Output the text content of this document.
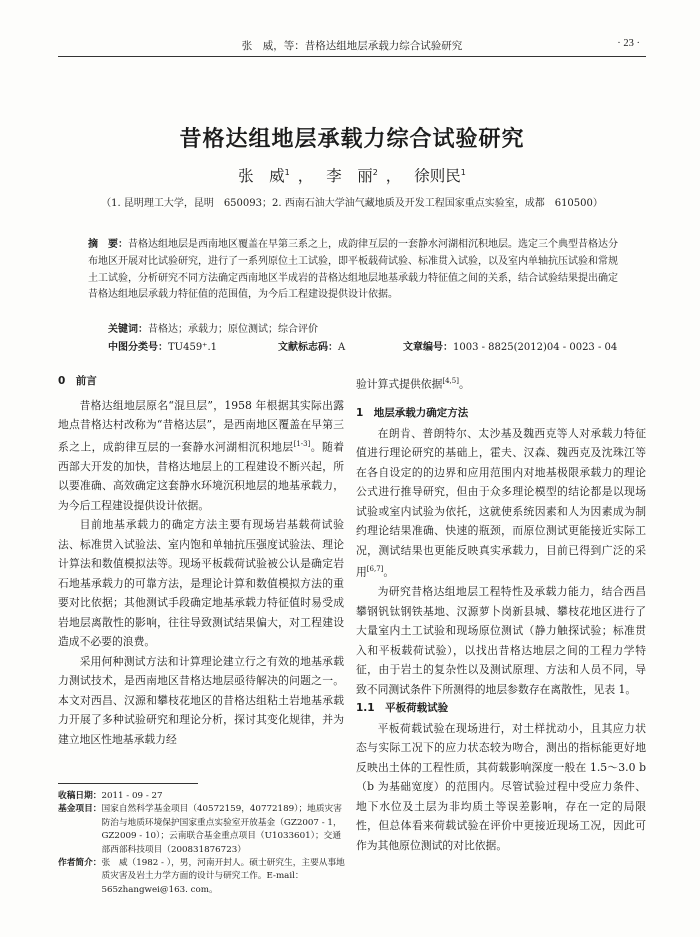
张　威，等：昔格达组地层承载力综合试验研究	· 23 ·
昔格达组地层承载力综合试验研究
张　威$^1$ ， 李　丽$^2$ ， 徐则民$^1$
（1. 昆明理工大学，昆明　650093；2. 西南石油大学油气藏地质及开发工程国家重点实验室，成都　610500）
摘　要：昔格达组地层是西南地区覆盖在早第三系之上，成韵律互层的一套静水河湖相沉积地层。选定三个典型昔格达分布地区开展对比试验研究，进行了一系列原位土工试验，即平板载荷试验、标准贯入试验，以及室内单轴抗压试验和常规土工试验，分析研究不同方法确定西南地区半成岩的昔格达组地层地基承载力特征值之间的关系，结合试验结果提出确定昔格达组地层承载力特征值的范围值，为今后工程建设提供设计依据。
关键词：昔格达；承载力；原位测试；综合评价
中图分类号：TU459⁺.1	文献标志码：A	文章编号：1003 - 8825(2012)04 - 0023 - 04
0　前言

昔格达组地层原名“混旦层”，1958 年根据其实际出露地点昔格达村改称为“昔格达层”，是西南地区覆盖在早第三系之上，成韵律互层的一套静水河湖相沉积地层[1-3]。随着西部大开发的加快，昔格达地层上的工程建设不断兴起，所以要准确、高效确定这套静水环境沉积地层的地基承载力，为今后工程建设提供设计依据。

目前地基承载力的确定方法主要有现场岩基载荷试验法、标准贯入试验法、室内饱和单轴抗压强度试验法、理论计算法和数值模拟法等。现场平板载荷试验被公认是确定岩石地基承载力的可靠方法，是理论计算和数值模拟方法的重要对比依据；其他测试手段确定地基承载力特征值时易受成岩地层离散性的影响，往往导致测试结果偏大，对工程建设造成不必要的浪费。

采用何种测试方法和计算理论建立行之有效的地基承载力测试技术，是西南地区昔格达地层亟待解决的问题之一。本文对西昌、汉源和攀枝花地区的昔格达组粘土岩地基承载力开展了多种试验研究和理论分析，探讨其变化规律，并为建立地区性地基承载力经

验计算式提供依据[4,5]。

1　地层承载力确定方法

在朗肯、普朗特尔、太沙基及魏西克等人对承载力特征值进行理论研究的基础上，霍夫、汉森、魏西克及沈珠江等在各自设定的的边界和应用范围内对地基极限承载力的理论公式进行推导研究，但由于众多理论模型的结论都是以现场试验或室内试验为依托，这就使系统因素和人为因素成为制约理论结果准确、快速的瓶颈，而原位测试更能接近实际工况，测试结果也更能反映真实承载力，目前已得到广泛的采用[6,7]。

为研究昔格达组地层工程特性及承载力能力，结合西昌攀钢钒钛钢铁基地、汉源萝卜岗新县城、攀枝花地区进行了大量室内土工试验和现场原位测试（静力触探试验；标准贯入和平板载荷试验），以找出昔格达地层之间的工程力学特征，由于岩土的复杂性以及测试原理、方法和人员不同，导致不同测试条件下所测得的地层参数存在离散性，见表 1。

1.1　平板荷载试验

平板荷载试验在现场进行，对土样扰动小，且其应力状态与实际工况下的应力状态较为吻合，测出的指标能更好地反映出土体的工程性质，其荷载影响深度一般在 1.5～3.0 b（b 为基础宽度）的范围内。尽管试验过程中受应力条件、地下水位及土层为非均质土等误差影响，存在一定的局限性，但总体看来荷载试验在评价中更接近现场工况，因此可作为其他原位测试的对比依据。

收稿日期： 2011 - 09 - 27
基金项目： 国家自然科学基金项目（40572159，40772189）；地质灾害防治与地质环境保护国家重点实验室开放基金（GZ2007 - 1，GZ2009 - 10）；云南联合基金重点项目（U1033601）；交通部西部科技项目（200831876723）
作者简介： 张　威（1982 - ），男，河南开封人。硕士研究生，主要从事地质灾害及岩土力学方面的设计与研究工作。E-mail：565zhangwei@163. com。
